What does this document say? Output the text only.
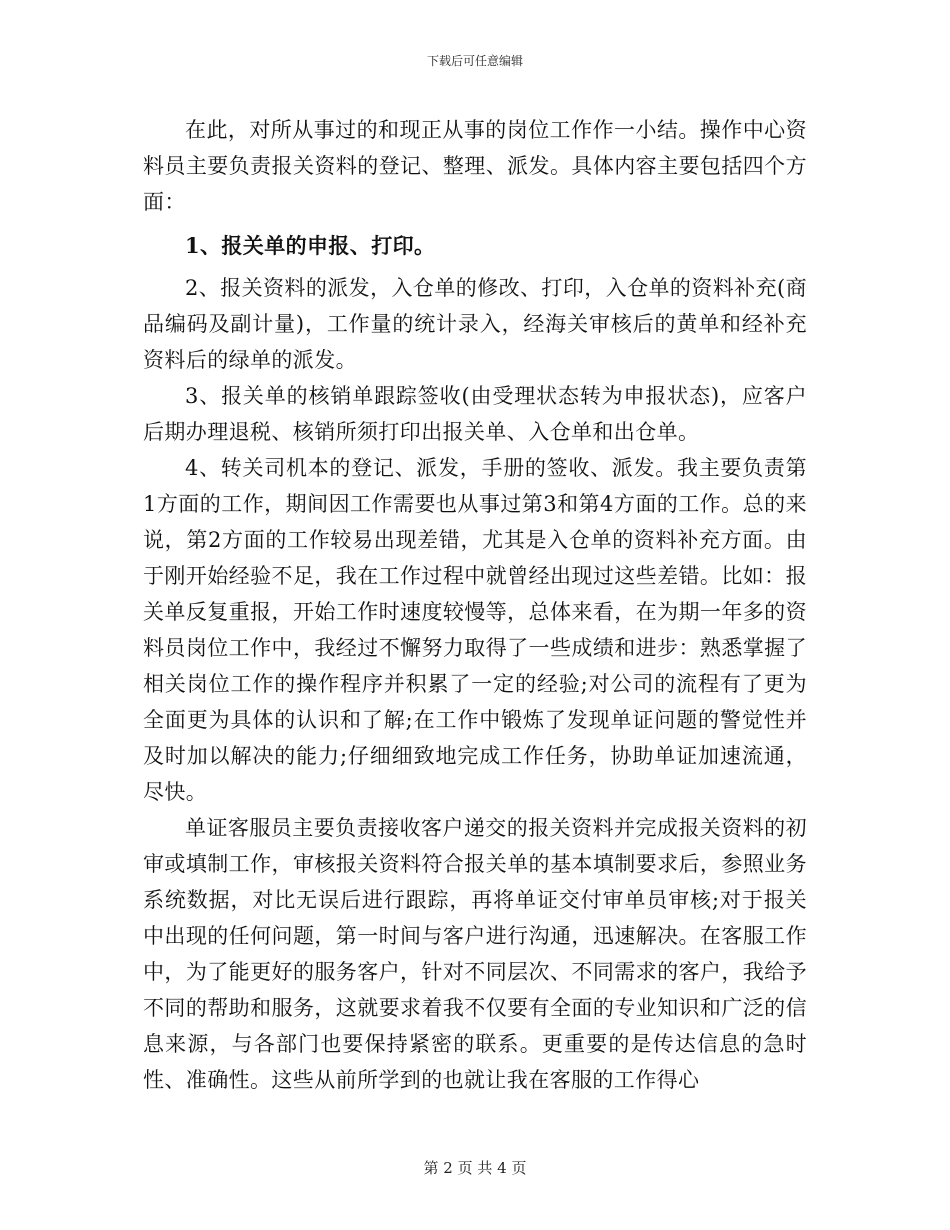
下载后可任意编辑

在此，对所从事过的和现正从事的岗位工作作一小结。操作中心资料员主要负责报关资料的登记、整理、派发。具体内容主要包括四个方面：

1、报关单的申报、打印。

2、报关资料的派发，入仓单的修改、打印，入仓单的资料补充(商品编码及副计量)，工作量的统计录入，经海关审核后的黄单和经补充资料后的绿单的派发。

3、报关单的核销单跟踪签收(由受理状态转为申报状态)，应客户后期办理退税、核销所须打印出报关单、入仓单和出仓单。

4、转关司机本的登记、派发，手册的签收、派发。我主要负责第1方面的工作，期间因工作需要也从事过第3和第4方面的工作。总的来说，第2方面的工作较易出现差错，尤其是入仓单的资料补充方面。由于刚开始经验不足，我在工作过程中就曾经出现过这些差错。比如：报关单反复重报，开始工作时速度较慢等，总体来看，在为期一年多的资料员岗位工作中，我经过不懈努力取得了一些成绩和进步：熟悉掌握了相关岗位工作的操作程序并积累了一定的经验;对公司的流程有了更为全面更为具体的认识和了解;在工作中锻炼了发现单证问题的警觉性并及时加以解决的能力;仔细细致地完成工作任务，协助单证加速流通，尽快。

单证客服员主要负责接收客户递交的报关资料并完成报关资料的初审或填制工作，审核报关资料符合报关单的基本填制要求后，参照业务系统数据，对比无误后进行跟踪，再将单证交付审单员审核;对于报关中出现的任何问题，第一时间与客户进行沟通，迅速解决。在客服工作中，为了能更好的服务客户，针对不同层次、不同需求的客户，我给予不同的帮助和服务，这就要求着我不仅要有全面的专业知识和广泛的信息来源，与各部门也要保持紧密的联系。更重要的是传达信息的急时性、准确性。这些从前所学到的也就让我在客服的工作得心

第 2 页 共 4 页
